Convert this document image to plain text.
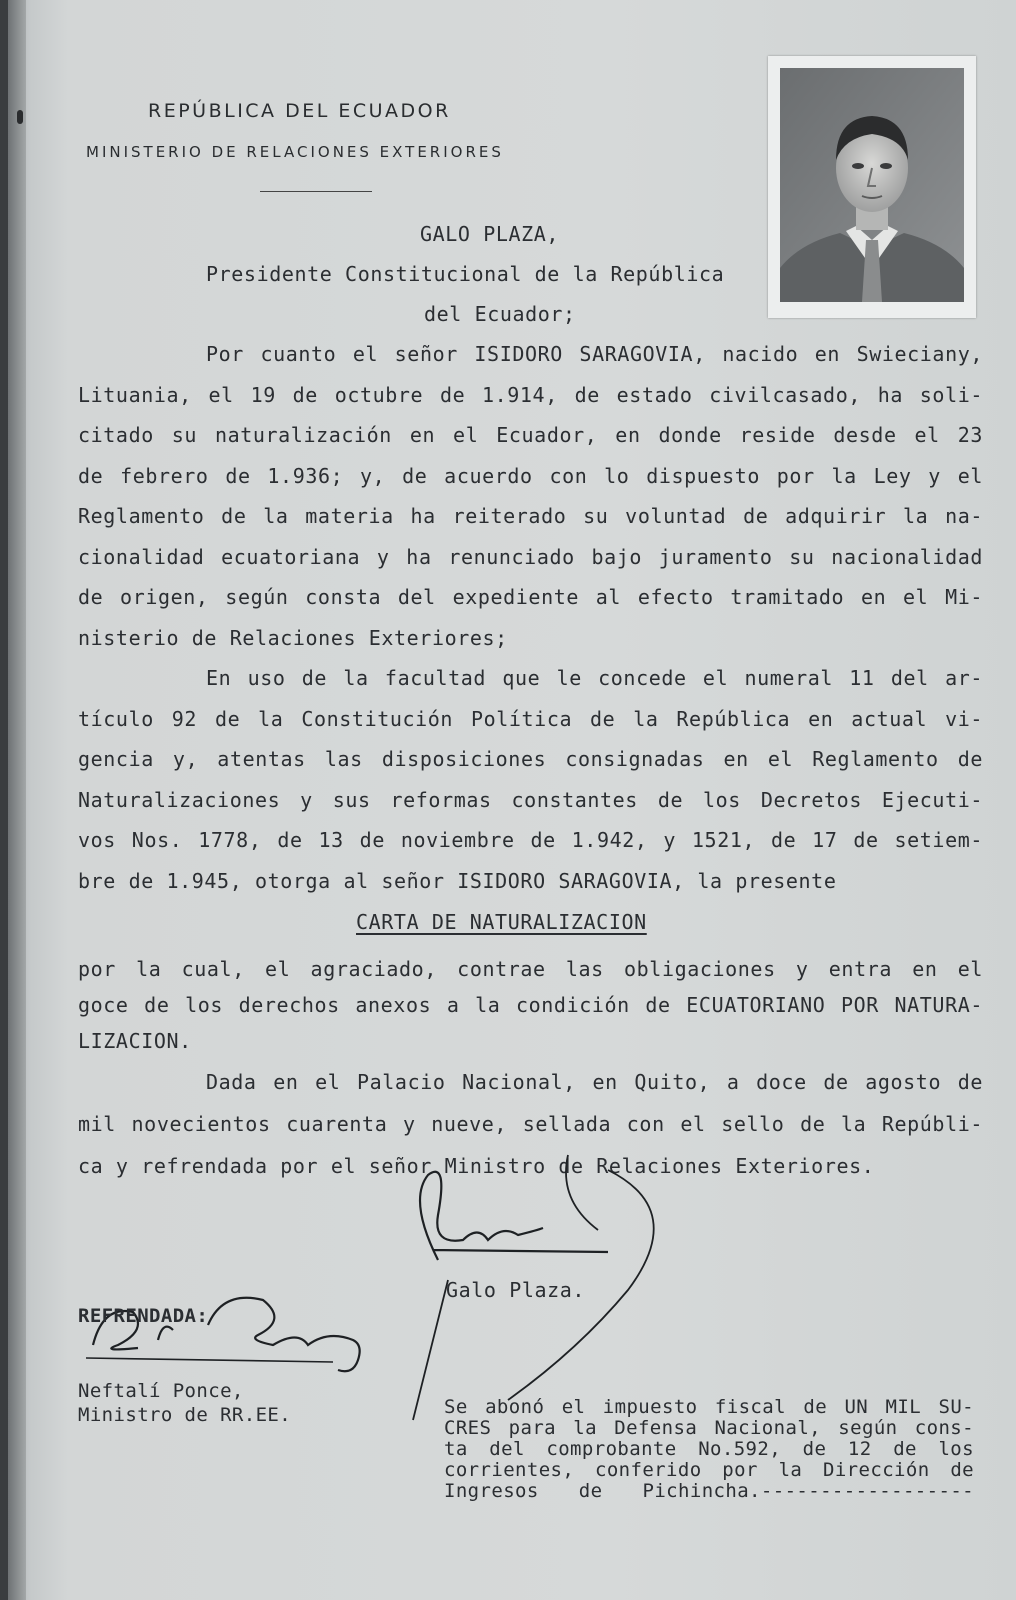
REPÚBLICA DEL ECUADOR
MINISTERIO DE RELACIONES EXTERIORES
GALO PLAZA,
Presidente Constitucional de la República
del Ecuador;
Por cuanto el señor ISIDORO SARAGOVIA, nacido en Swieciany,
Lituania, el 19 de octubre de 1.914, de estado civilcasado, ha soli-
citado su naturalización en el Ecuador, en donde reside desde el 23
de febrero de 1.936; y, de acuerdo con lo dispuesto por la Ley y el
Reglamento de la materia ha reiterado su voluntad de adquirir la na-
cionalidad ecuatoriana y ha renunciado bajo juramento su nacionalidad
de origen, según consta del expediente al efecto tramitado en el Mi-
nisterio de Relaciones Exteriores;
En uso de la facultad que le concede el numeral 11 del ar-
tículo 92 de la Constitución Política de la República en actual vi-
gencia y, atentas las disposiciones consignadas en el Reglamento de
Naturalizaciones y sus reformas constantes de los Decretos Ejecuti-
vos Nos. 1778, de 13 de noviembre de 1.942, y 1521, de 17 de setiem-
bre de 1.945, otorga al señor ISIDORO SARAGOVIA, la presente
CARTA DE NATURALIZACION
por la cual, el agraciado, contrae las obligaciones y entra en el
goce de los derechos anexos a la condición de ECUATORIANO POR NATURA-
LIZACION.
Dada en el Palacio Nacional, en Quito, a doce de agosto de
mil novecientos cuarenta y nueve, sellada con el sello de la Repúbli-
ca y refrendada por el señor Ministro de Relaciones Exteriores.
Galo Plaza.
REFRENDADA:
Neftalí Ponce,
Ministro de RR.EE.	Se abonó el impuesto fiscal de UN MIL SU-
CRES para la Defensa Nacional, según cons-
ta del comprobante No.592, de 12 de los
corrientes, conferido por la Dirección de
Ingresos de Pichincha.------------------
